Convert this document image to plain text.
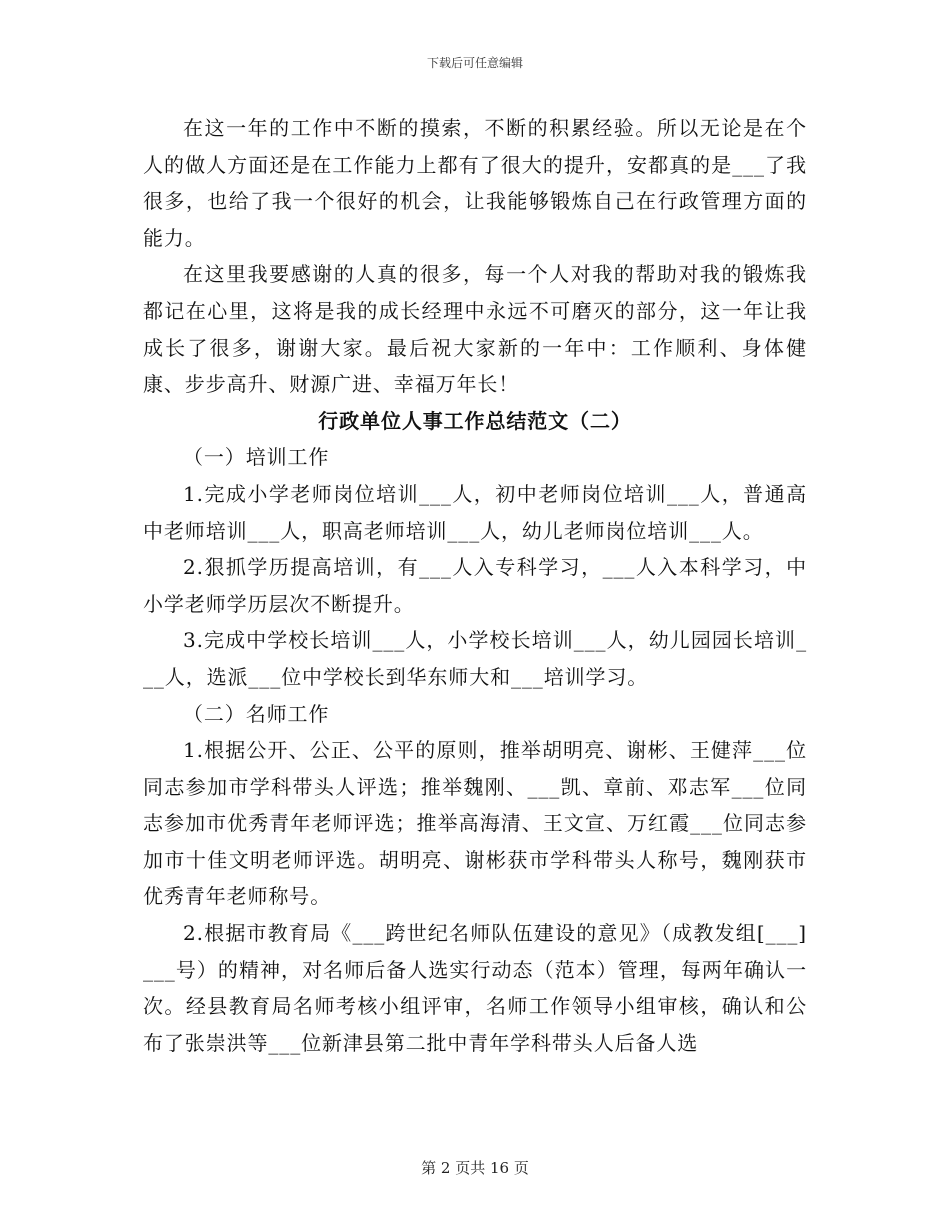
下载后可任意编辑

在这一年的工作中不断的摸索，不断的积累经验。所以无论是在个人的做人方面还是在工作能力上都有了很大的提升，安都真的是___了我很多，也给了我一个很好的机会，让我能够锻炼自己在行政管理方面的能力。

在这里我要感谢的人真的很多，每一个人对我的帮助对我的锻炼我都记在心里，这将是我的成长经理中永远不可磨灭的部分，这一年让我成长了很多，谢谢大家。最后祝大家新的一年中：工作顺利、身体健康、步步高升、财源广进、幸福万年长！

行政单位人事工作总结范文（二）

（一）培训工作

1.完成小学老师岗位培训___人，初中老师岗位培训___人，普通高中老师培训___人，职高老师培训___人，幼儿老师岗位培训___人。

2.狠抓学历提高培训，有___人入专科学习，___人入本科学习，中小学老师学历层次不断提升。

3.完成中学校长培训___人，小学校长培训___人，幼儿园园长培训___人，选派___位中学校长到华东师大和___培训学习。

（二）名师工作

1.根据公开、公正、公平的原则，推举胡明亮、谢彬、王健萍___位同志参加市学科带头人评选；推举魏刚、___凯、章前、邓志军___位同志参加市优秀青年老师评选；推举高海清、王文宣、万红霞___位同志参加市十佳文明老师评选。胡明亮、谢彬获市学科带头人称号，魏刚获市优秀青年老师称号。

2.根据市教育局《___跨世纪名师队伍建设的意见》（成教发组[___]___号）的精神，对名师后备人选实行动态（范本）管理，每两年确认一次。经县教育局名师考核小组评审，名师工作领导小组审核，确认和公布了张崇洪等___位新津县第二批中青年学科带头人后备人选

第 2 页共 16 页
